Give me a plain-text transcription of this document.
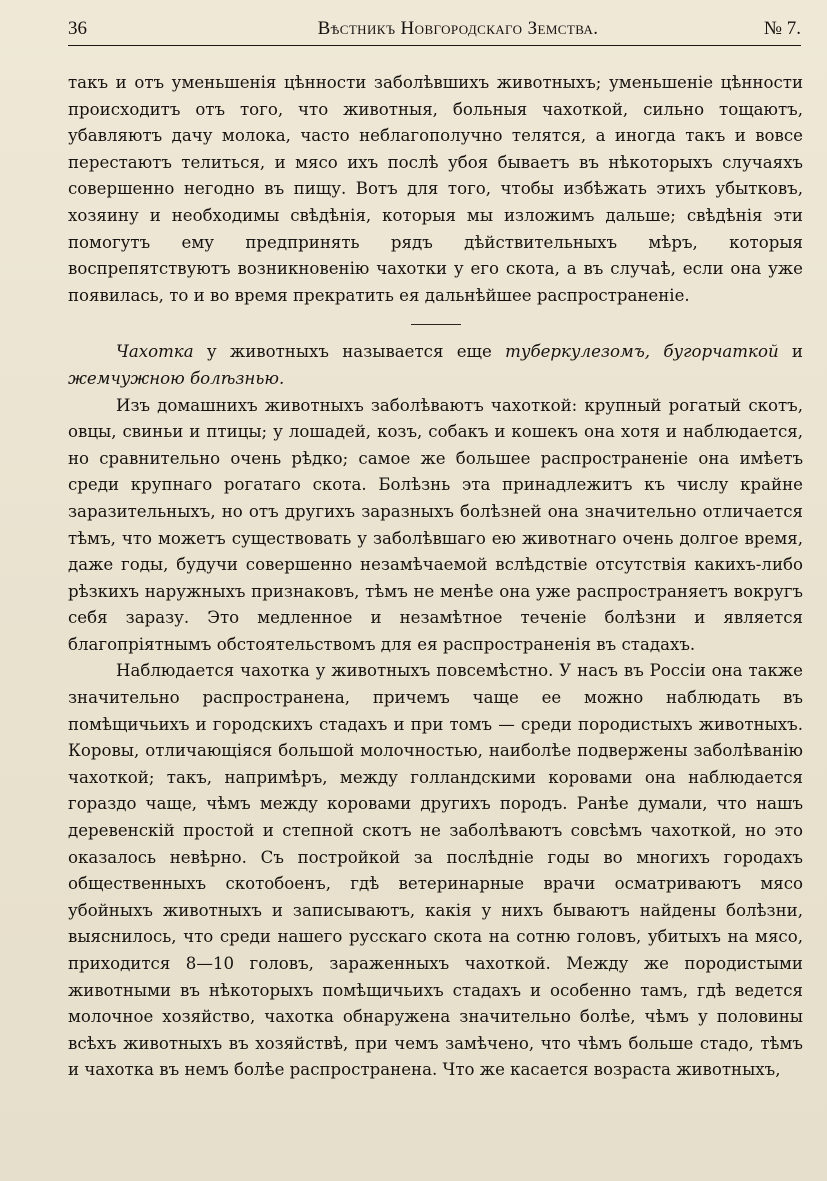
36	Вѣстникъ Новгородскаго Земства.	№ 7.

такъ и отъ уменьшенія цѣнности заболѣвшихъ животныхъ; уменьшеніе цѣнности происходитъ отъ того, что животныя, больныя чахоткой, сильно тощаютъ, убавляютъ дачу молока, часто неблагополучно телятся, а иногда такъ и вовсе перестаютъ телиться, и мясо ихъ послѣ убоя бываетъ въ нѣкоторыхъ случаяхъ совершенно негодно въ пищу. Вотъ для того, чтобы избѣжать этихъ убытковъ, хозяину и необходимы свѣдѣнія, которыя мы изложимъ дальше; свѣдѣнія эти помогутъ ему предпринять рядъ дѣйствительныхъ мѣръ, которыя воспрепятствуютъ возникновенію чахотки у его скота, а въ случаѣ, если она уже появилась, то и во время прекратить ея дальнѣйшее распространеніе.

Чахотка у животныхъ называется еще туберкулезомъ, бугорчаткой и жемчужною болѣзнью.

Изъ домашнихъ животныхъ заболѣваютъ чахоткой: крупный рогатый скотъ, овцы, свиньи и птицы; у лошадей, козъ, собакъ и кошекъ она хотя и наблюдается, но сравнительно очень рѣдко; самое же большее распространеніе она имѣетъ среди крупнаго рогатаго скота. Болѣзнь эта принадлежитъ къ числу крайне заразительныхъ, но отъ другихъ заразныхъ болѣзней она значительно отличается тѣмъ, что можетъ существовать у заболѣвшаго ею животнаго очень долгое время, даже годы, будучи совершенно незамѣчаемой вслѣдствіе отсутствія какихъ-либо рѣзкихъ наружныхъ признаковъ, тѣмъ не менѣе она уже распространяетъ вокругъ себя заразу. Это медленное и незамѣтное теченіе болѣзни и является благопріятнымъ обстоятельствомъ для ея распространенія въ стадахъ.

Наблюдается чахотка у животныхъ повсемѣстно. У насъ въ Россіи она также значительно распространена, причемъ чаще ее можно наблюдать въ помѣщичьихъ и городскихъ стадахъ и при томъ — среди породистыхъ животныхъ. Коровы, отличающіяся большой молочностью, наиболѣе подвержены заболѣванію чахоткой; такъ, напримѣръ, между голландскими коровами она наблюдается гораздо чаще, чѣмъ между коровами другихъ породъ. Ранѣе думали, что нашъ деревенскій простой и степной скотъ не заболѣваютъ совсѣмъ чахоткой, но это оказалось невѣрно. Съ постройкой за послѣдніе годы во многихъ городахъ общественныхъ скотобоенъ, гдѣ ветеринарные врачи осматриваютъ мясо убойныхъ животныхъ и записываютъ, какія у нихъ бываютъ найдены болѣзни, выяснилось, что среди нашего русскаго скота на сотню головъ, убитыхъ на мясо, приходится 8—10 головъ, зараженныхъ чахоткой. Между же породистыми животными въ нѣкоторыхъ помѣщичьихъ стадахъ и особенно тамъ, гдѣ ведется молочное хозяйство, чахотка обнаружена значительно болѣе, чѣмъ у половины всѣхъ животныхъ въ хозяйствѣ, при чемъ замѣчено, что чѣмъ больше стадо, тѣмъ и чахотка въ немъ болѣе распространена. Что же касается возраста животныхъ,
